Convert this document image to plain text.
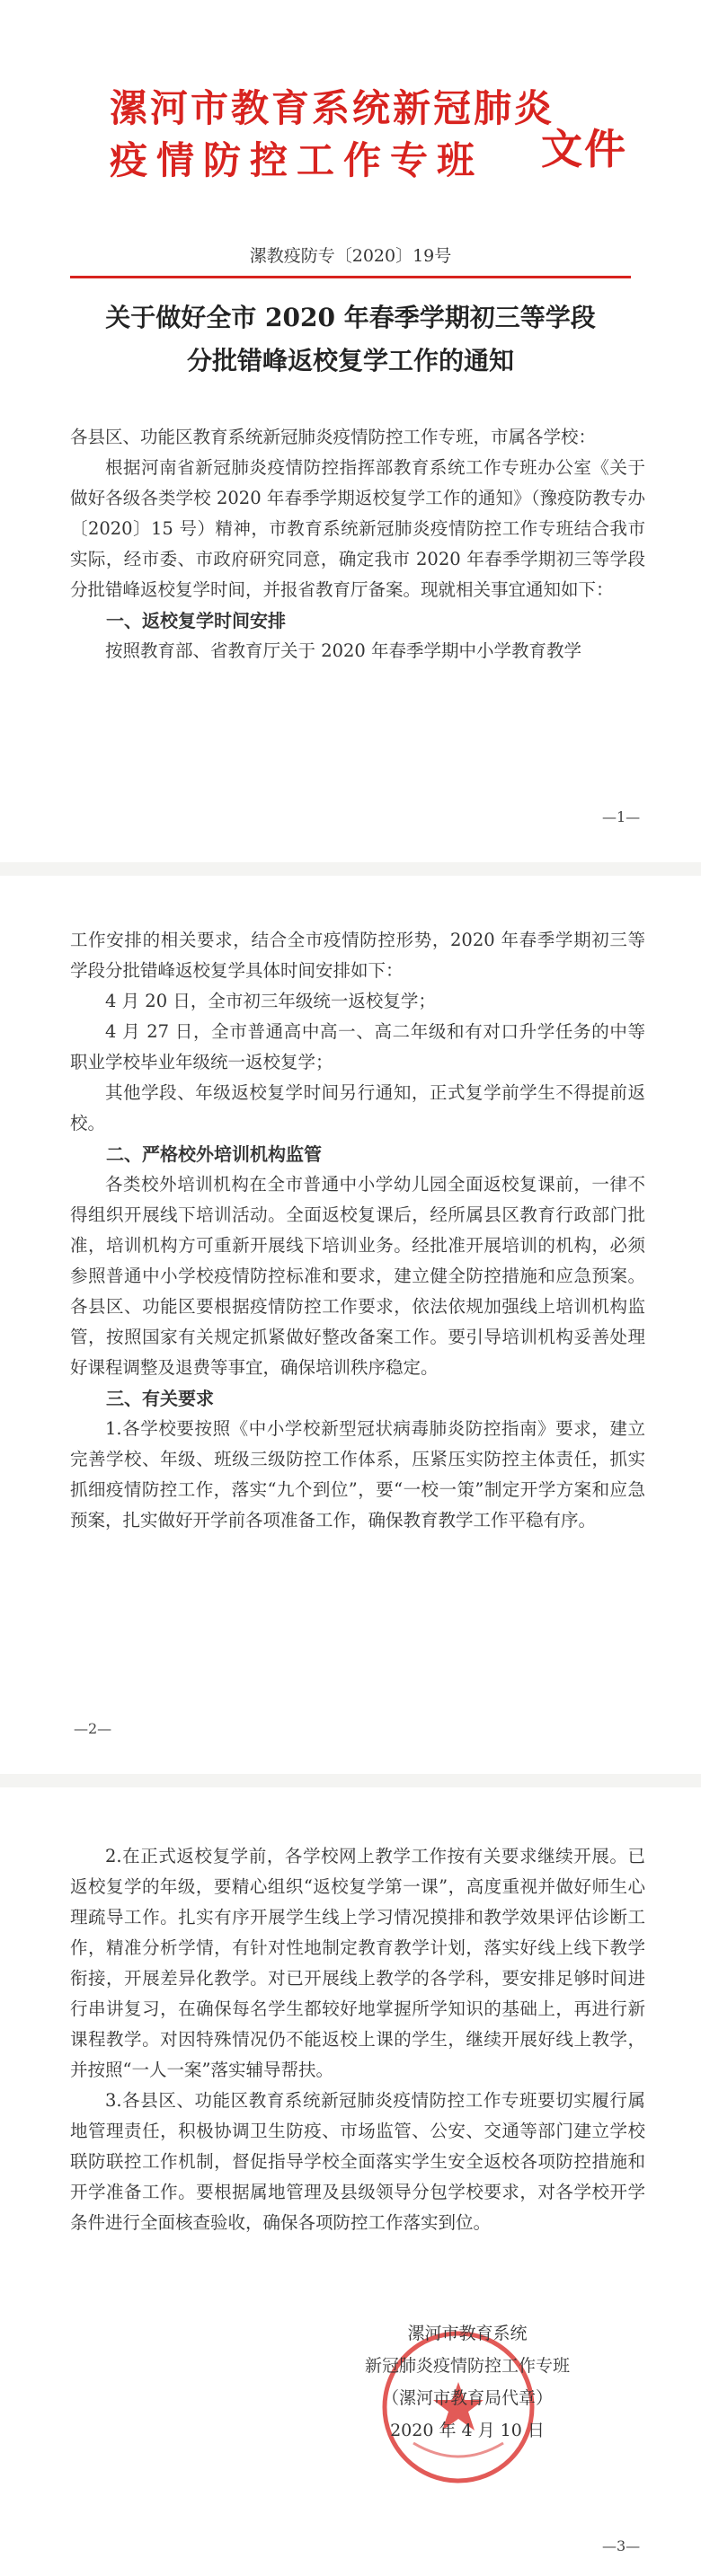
漯河市教育系统新冠肺炎
疫情防控工作专班	文件
漯教疫防专〔2020〕19号
关于做好全市 2020 年春季学期初三等学段
分批错峰返校复学工作的通知

各县区、功能区教育系统新冠肺炎疫情防控工作专班，市属各学校：

根据河南省新冠肺炎疫情防控指挥部教育系统工作专班办公室《关于做好各级各类学校 2020 年春季学期返校复学工作的通知》（豫疫防教专办〔2020〕15 号）精神，市教育系统新冠肺炎疫情防控工作专班结合我市实际，经市委、市政府研究同意，确定我市 2020 年春季学期初三等学段分批错峰返校复学时间，并报省教育厅备案。现就相关事宜通知如下：

一、返校复学时间安排

按照教育部、省教育厅关于 2020 年春季学期中小学教育教学

—1—

工作安排的相关要求，结合全市疫情防控形势，2020 年春季学期初三等学段分批错峰返校复学具体时间安排如下：

4 月 20 日，全市初三年级统一返校复学；

4 月 27 日，全市普通高中高一、高二年级和有对口升学任务的中等职业学校毕业年级统一返校复学；

其他学段、年级返校复学时间另行通知，正式复学前学生不得提前返校。

二、严格校外培训机构监管

各类校外培训机构在全市普通中小学幼儿园全面返校复课前，一律不得组织开展线下培训活动。全面返校复课后，经所属县区教育行政部门批准，培训机构方可重新开展线下培训业务。经批准开展培训的机构，必须参照普通中小学校疫情防控标准和要求，建立健全防控措施和应急预案。各县区、功能区要根据疫情防控工作要求，依法依规加强线上培训机构监管，按照国家有关规定抓紧做好整改备案工作。要引导培训机构妥善处理好课程调整及退费等事宜，确保培训秩序稳定。

三、有关要求

1.各学校要按照《中小学校新型冠状病毒肺炎防控指南》要求，建立完善学校、年级、班级三级防控工作体系，压紧压实防控主体责任，抓实抓细疫情防控工作，落实“九个到位”，要“一校一策”制定开学方案和应急预案，扎实做好开学前各项准备工作，确保教育教学工作平稳有序。

—2—

2.在正式返校复学前，各学校网上教学工作按有关要求继续开展。已返校复学的年级，要精心组织“返校复学第一课”，高度重视并做好师生心理疏导工作。扎实有序开展学生线上学习情况摸排和教学效果评估诊断工作，精准分析学情，有针对性地制定教育教学计划，落实好线上线下教学衔接，开展差异化教学。对已开展线上教学的各学科，要安排足够时间进行串讲复习，在确保每名学生都较好地掌握所学知识的基础上，再进行新课程教学。对因特殊情况仍不能返校上课的学生，继续开展好线上教学，并按照“一人一案”落实辅导帮扶。

3.各县区、功能区教育系统新冠肺炎疫情防控工作专班要切实履行属地管理责任，积极协调卫生防疫、市场监管、公安、交通等部门建立学校联防联控工作机制，督促指导学校全面落实学生安全返校各项防控措施和开学准备工作。要根据属地管理及县级领导分包学校要求，对各学校开学条件进行全面核查验收，确保各项防控工作落实到位。

—3—
漯河市教育系统
新冠肺炎疫情防控工作专班
（漯河市教育局代章）
2020 年 4 月 10 日
